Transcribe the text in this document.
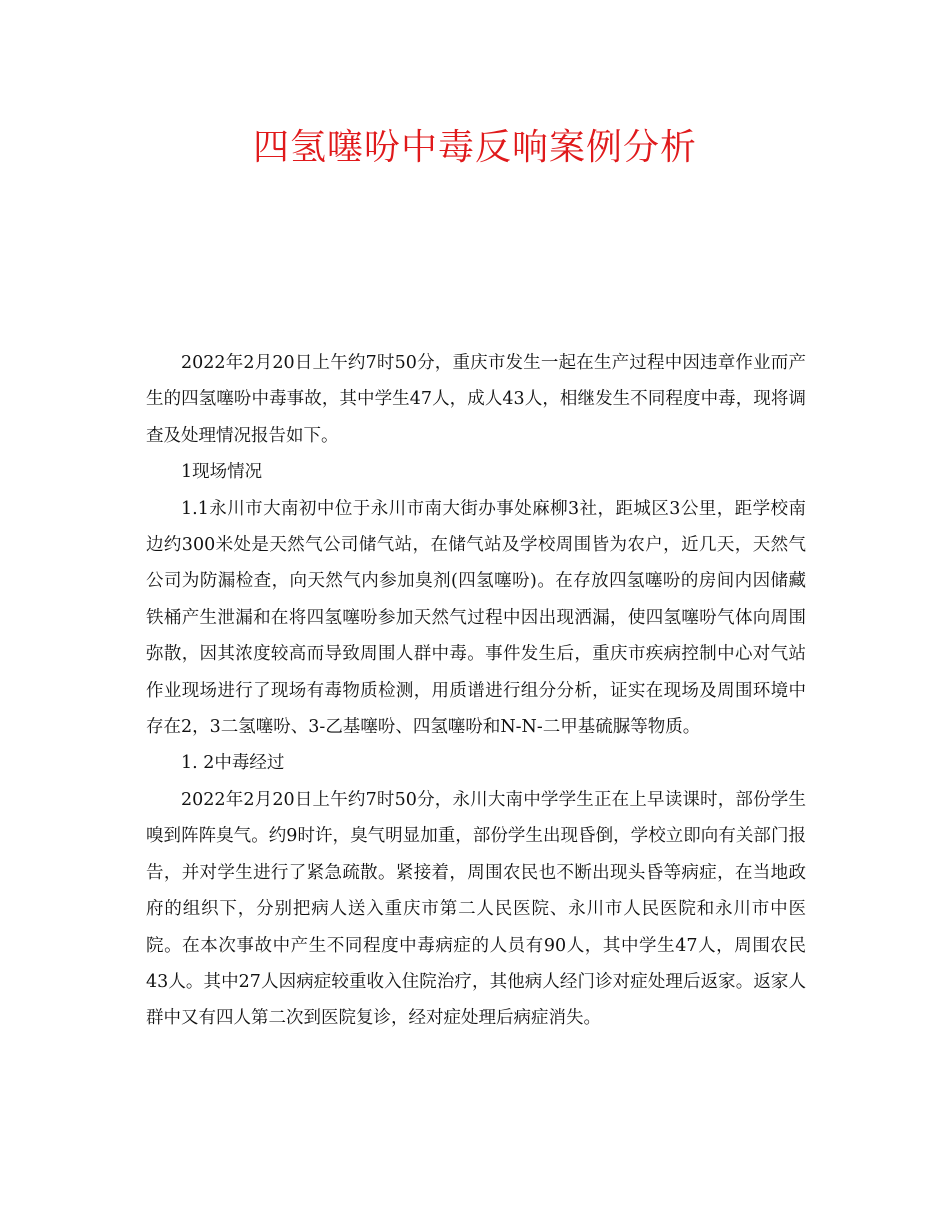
四氢噻吩中毒反响案例分析

2022年2月20日上午约7时50分，重庆市发生一起在生产过程中因违章作业而产生的四氢噻吩中毒事故，其中学生47人，成人43人，相继发生不同程度中毒，现将调查及处理情况报告如下。

1现场情况

1.1永川市大南初中位于永川市南大街办事处麻柳3社，距城区3公里，距学校南边约300米处是天然气公司储气站，在储气站及学校周围皆为农户，近几天，天然气公司为防漏检查，向天然气内参加臭剂(四氢噻吩)。在存放四氢噻吩的房间内因储藏铁桶产生泄漏和在将四氢噻吩参加天然气过程中因出现洒漏，使四氢噻吩气体向周围弥散，因其浓度较高而导致周围人群中毒。事件发生后，重庆市疾病控制中心对气站作业现场进行了现场有毒物质检测，用质谱进行组分分析，证实在现场及周围环境中存在2，3二氢噻吩、3-乙基噻吩、四氢噻吩和N-N-二甲基硫脲等物质。

1. 2中毒经过

2022年2月20日上午约7时50分，永川大南中学学生正在上早读课时，部份学生嗅到阵阵臭气。约9时许，臭气明显加重，部份学生出现昏倒，学校立即向有关部门报告，并对学生进行了紧急疏散。紧接着，周围农民也不断出现头昏等病症，在当地政府的组织下，分别把病人送入重庆市第二人民医院、永川市人民医院和永川市中医院。在本次事故中产生不同程度中毒病症的人员有90人，其中学生47人，周围农民43人。其中27人因病症较重收入住院治疗，其他病人经门诊对症处理后返家。返家人群中又有四人第二次到医院复诊，经对症处理后病症消失。
